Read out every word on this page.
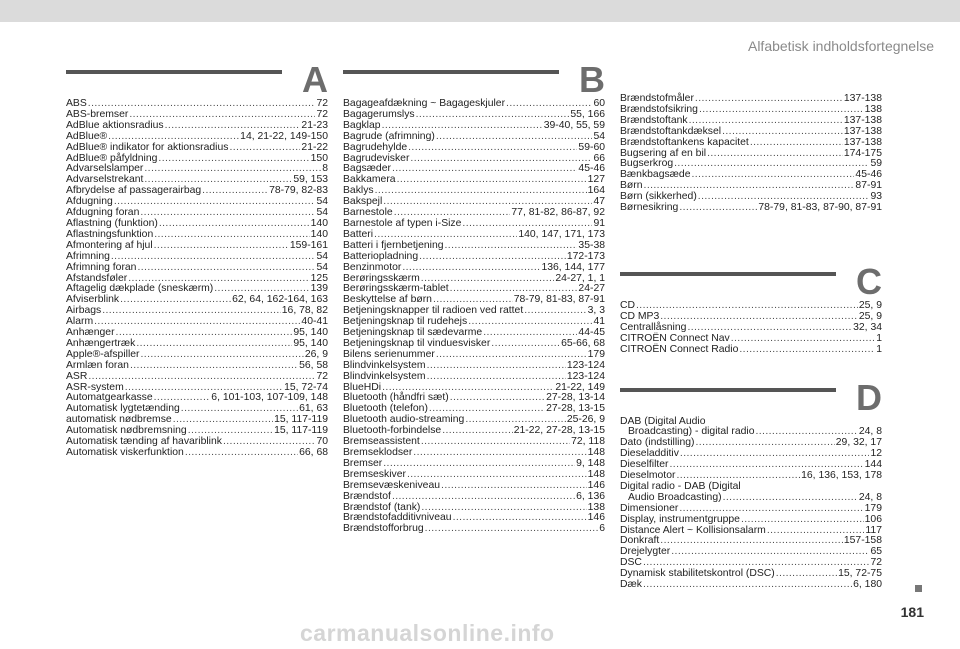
Alfabetisk indholdsfortegnelse
A
ABS .....	72
ABS-bremser .....	72
AdBlue aktionsradius .....	21-23
AdBlue® .....	14, 21-22, 149-150
AdBlue® indikator for aktionsradius .....	21-22
AdBlue® påfyldning .....	150
Advarselslamper .....	8
Advarselstrekant .....	59, 153
Afbrydelse af passagerairbag .....	78-79, 82-83
Afdugning .....	54
Afdugning foran .....	54
Aflastning (funktion) .....	140
Aflastningsfunktion .....	140
Afmontering af hjul .....	159-161
Afrimning .....	54
Afrimning foran .....	54
Afstandsføler .....	125
Aftagelig dækplade (sneskærm) .....	139
Afviserblink .....	62, 64, 162-164, 163
Airbags .....	16, 78, 82
Alarm .....	40-41
Anhænger .....	95, 140
Anhængertræk .....	95, 140
Apple®-afspiller .....	26, 9
Armlæn foran .....	56, 58
ASR .....	72
ASR-system .....	15, 72-74
Automatgearkasse .....	6, 101-103, 107-109, 148
Automatisk lygtetænding .....	61, 63
automatisk nødbremse .....	15, 117-119
Automatisk nødbremsning .....	15, 117-119
Automatisk tænding af havariblink .....	70
Automatisk viskerfunktion .....	66, 68
B
Bagageafdækning ~ Bagageskjuler .....	60
Bagagerumslys .....	55, 166
Bagklap .....	39-40, 55, 59
Bagrude (afrimning) .....	54
Bagrudehylde .....	59-60
Bagrudevisker .....	66
Bagsæder .....	45-46
Bakkamera .....	127
Baklys .....	164
Bakspejl .....	47
Barnestole .....	77, 81-82, 86-87, 92
Barnestole af typen i-Size .....	91
Batteri .....	140, 147, 171, 173
Batteri i fjernbetjening .....	35-38
Batteriopladning .....	172-173
Benzinmotor .....	136, 144, 177
Berøringsskærm .....	24-27, 1, 1
Berøringsskærm-tablet .....	24-27
Beskyttelse af børn .....	78-79, 81-83, 87-91
Betjeningsknapper til radioen ved rattet .....	3, 3
Betjeningsknap til rudehejs .....	41
Betjeningsknap til sædevarme .....	44-45
Betjeningsknap til vinduesvisker .....	65-66, 68
Bilens serienummer .....	179
Blindvinkelsystem .....	123-124
Blindvinkelsystem .....	123-124
BlueHDi .....	21-22, 149
Bluetooth (håndfri sæt) .....	27-28, 13-14
Bluetooth (telefon) .....	27-28, 13-15
Bluetooth audio-streaming .....	25-26, 9
Bluetooth-forbindelse .....	21-22, 27-28, 13-15
Bremseassistent .....	72, 118
Bremseklodser .....	148
Bremser .....	9, 148
Bremseskiver .....	148
Bremsevæskeniveau .....	146
Brændstof .....	6, 136
Brændstof (tank) .....	138
Brændstofadditivniveau .....	146
Brændstofforbrug .....	6
Brændstofmåler .....	137-138
Brændstofsikring .....	138
Brændstoftank .....	137-138
Brændstoftankdæksel .....	137-138
Brændstoftankens kapacitet .....	137-138
Bugsering af en bil .....	174-175
Bugserkrog .....	59
Bænkbagsæde .....	45-46
Børn .....	87-91
Børn (sikkerhed) .....	93
Børnesikring .....	78-79, 81-83, 87-90, 87-91
C
CD .....	25, 9
CD MP3 .....	25, 9
Centrallåsning .....	32, 34
CITROËN Connect Nav .....	1
CITROËN Connect Radio .....	1
D
DAB (Digital Audio
Broadcasting) - digital radio .....	24, 8
Dato (indstilling) .....	29, 32, 17
Dieseladditiv .....	12
Dieselfilter .....	144
Dieselmotor .....	16, 136, 153, 178
Digital radio - DAB (Digital
Audio Broadcasting) .....	24, 8
Dimensioner .....	179
Display, instrumentgruppe .....	106
Distance Alert ~ Kollisionsalarm .....	117
Donkraft .....	157-158
Drejelygter .....	65
DSC .....	72
Dynamisk stabilitetskontrol (DSC) .....	15, 72-75
Dæk .....	6, 180
181
carmanualsonline.info
